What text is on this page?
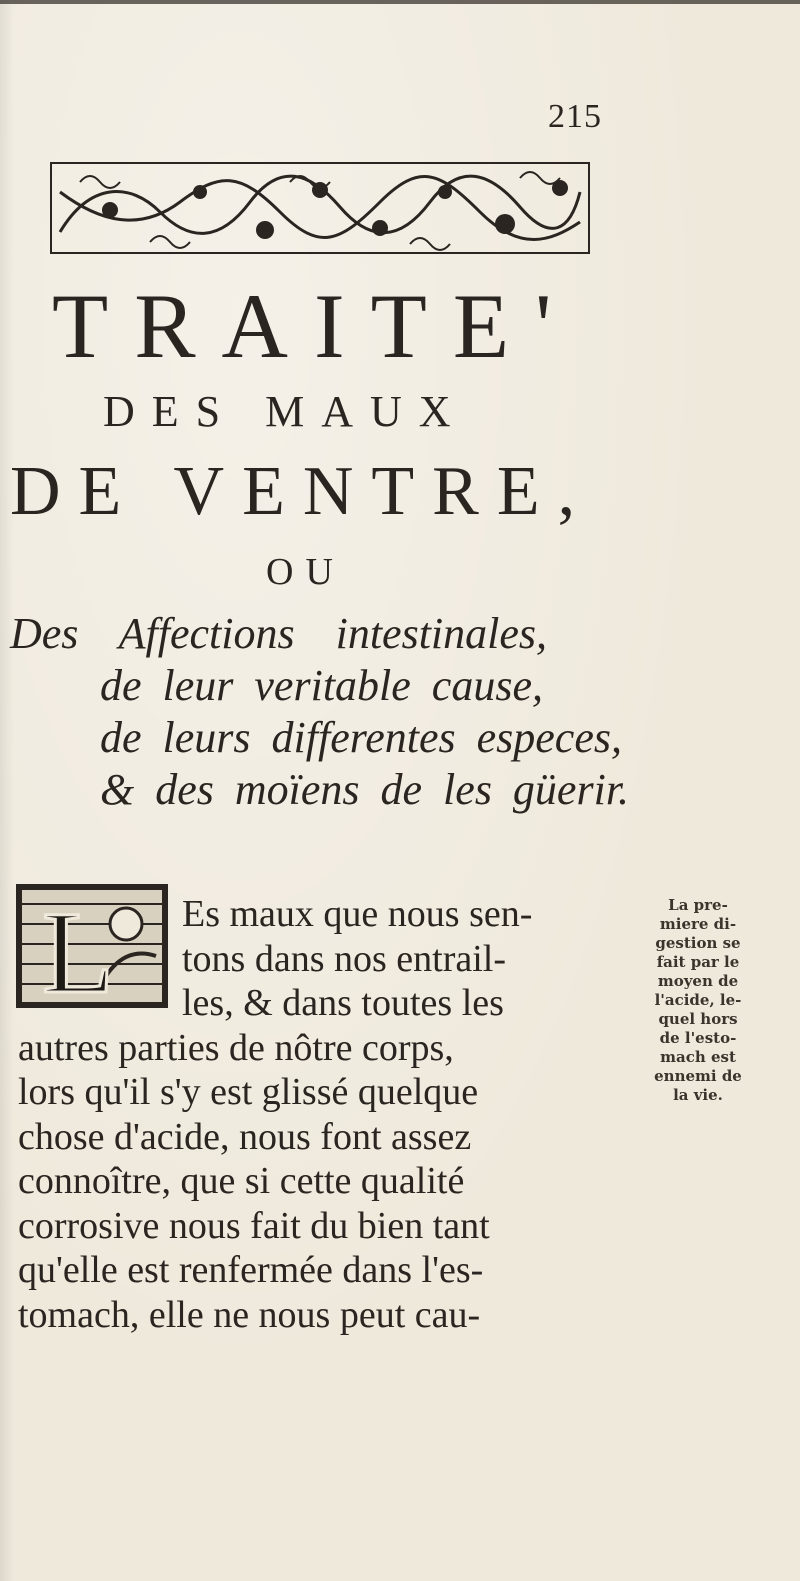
215
TRAITE'
DES MAUX
DE VENTRE,
OU
Des Affections intestinales,
de leur veritable cause,
de leurs differentes especes,
& des moïens de les güerir.
L	Es maux que nous sen-
tons dans nos entrail-
les, & dans toutes les
autres parties de nôtre corps,
lors qu'il s'y est glissé quelque
chose d'acide, nous font assez
connoître, que si cette qualité
corrosive nous fait du bien tant
qu'elle est renfermée dans l'es-
tomach, elle ne nous peut cau-
La pre-
miere di-
gestion se
fait par le
moyen de
l'acide, le-
quel hors
de l'esto-
mach est
ennemi de
la vie.
